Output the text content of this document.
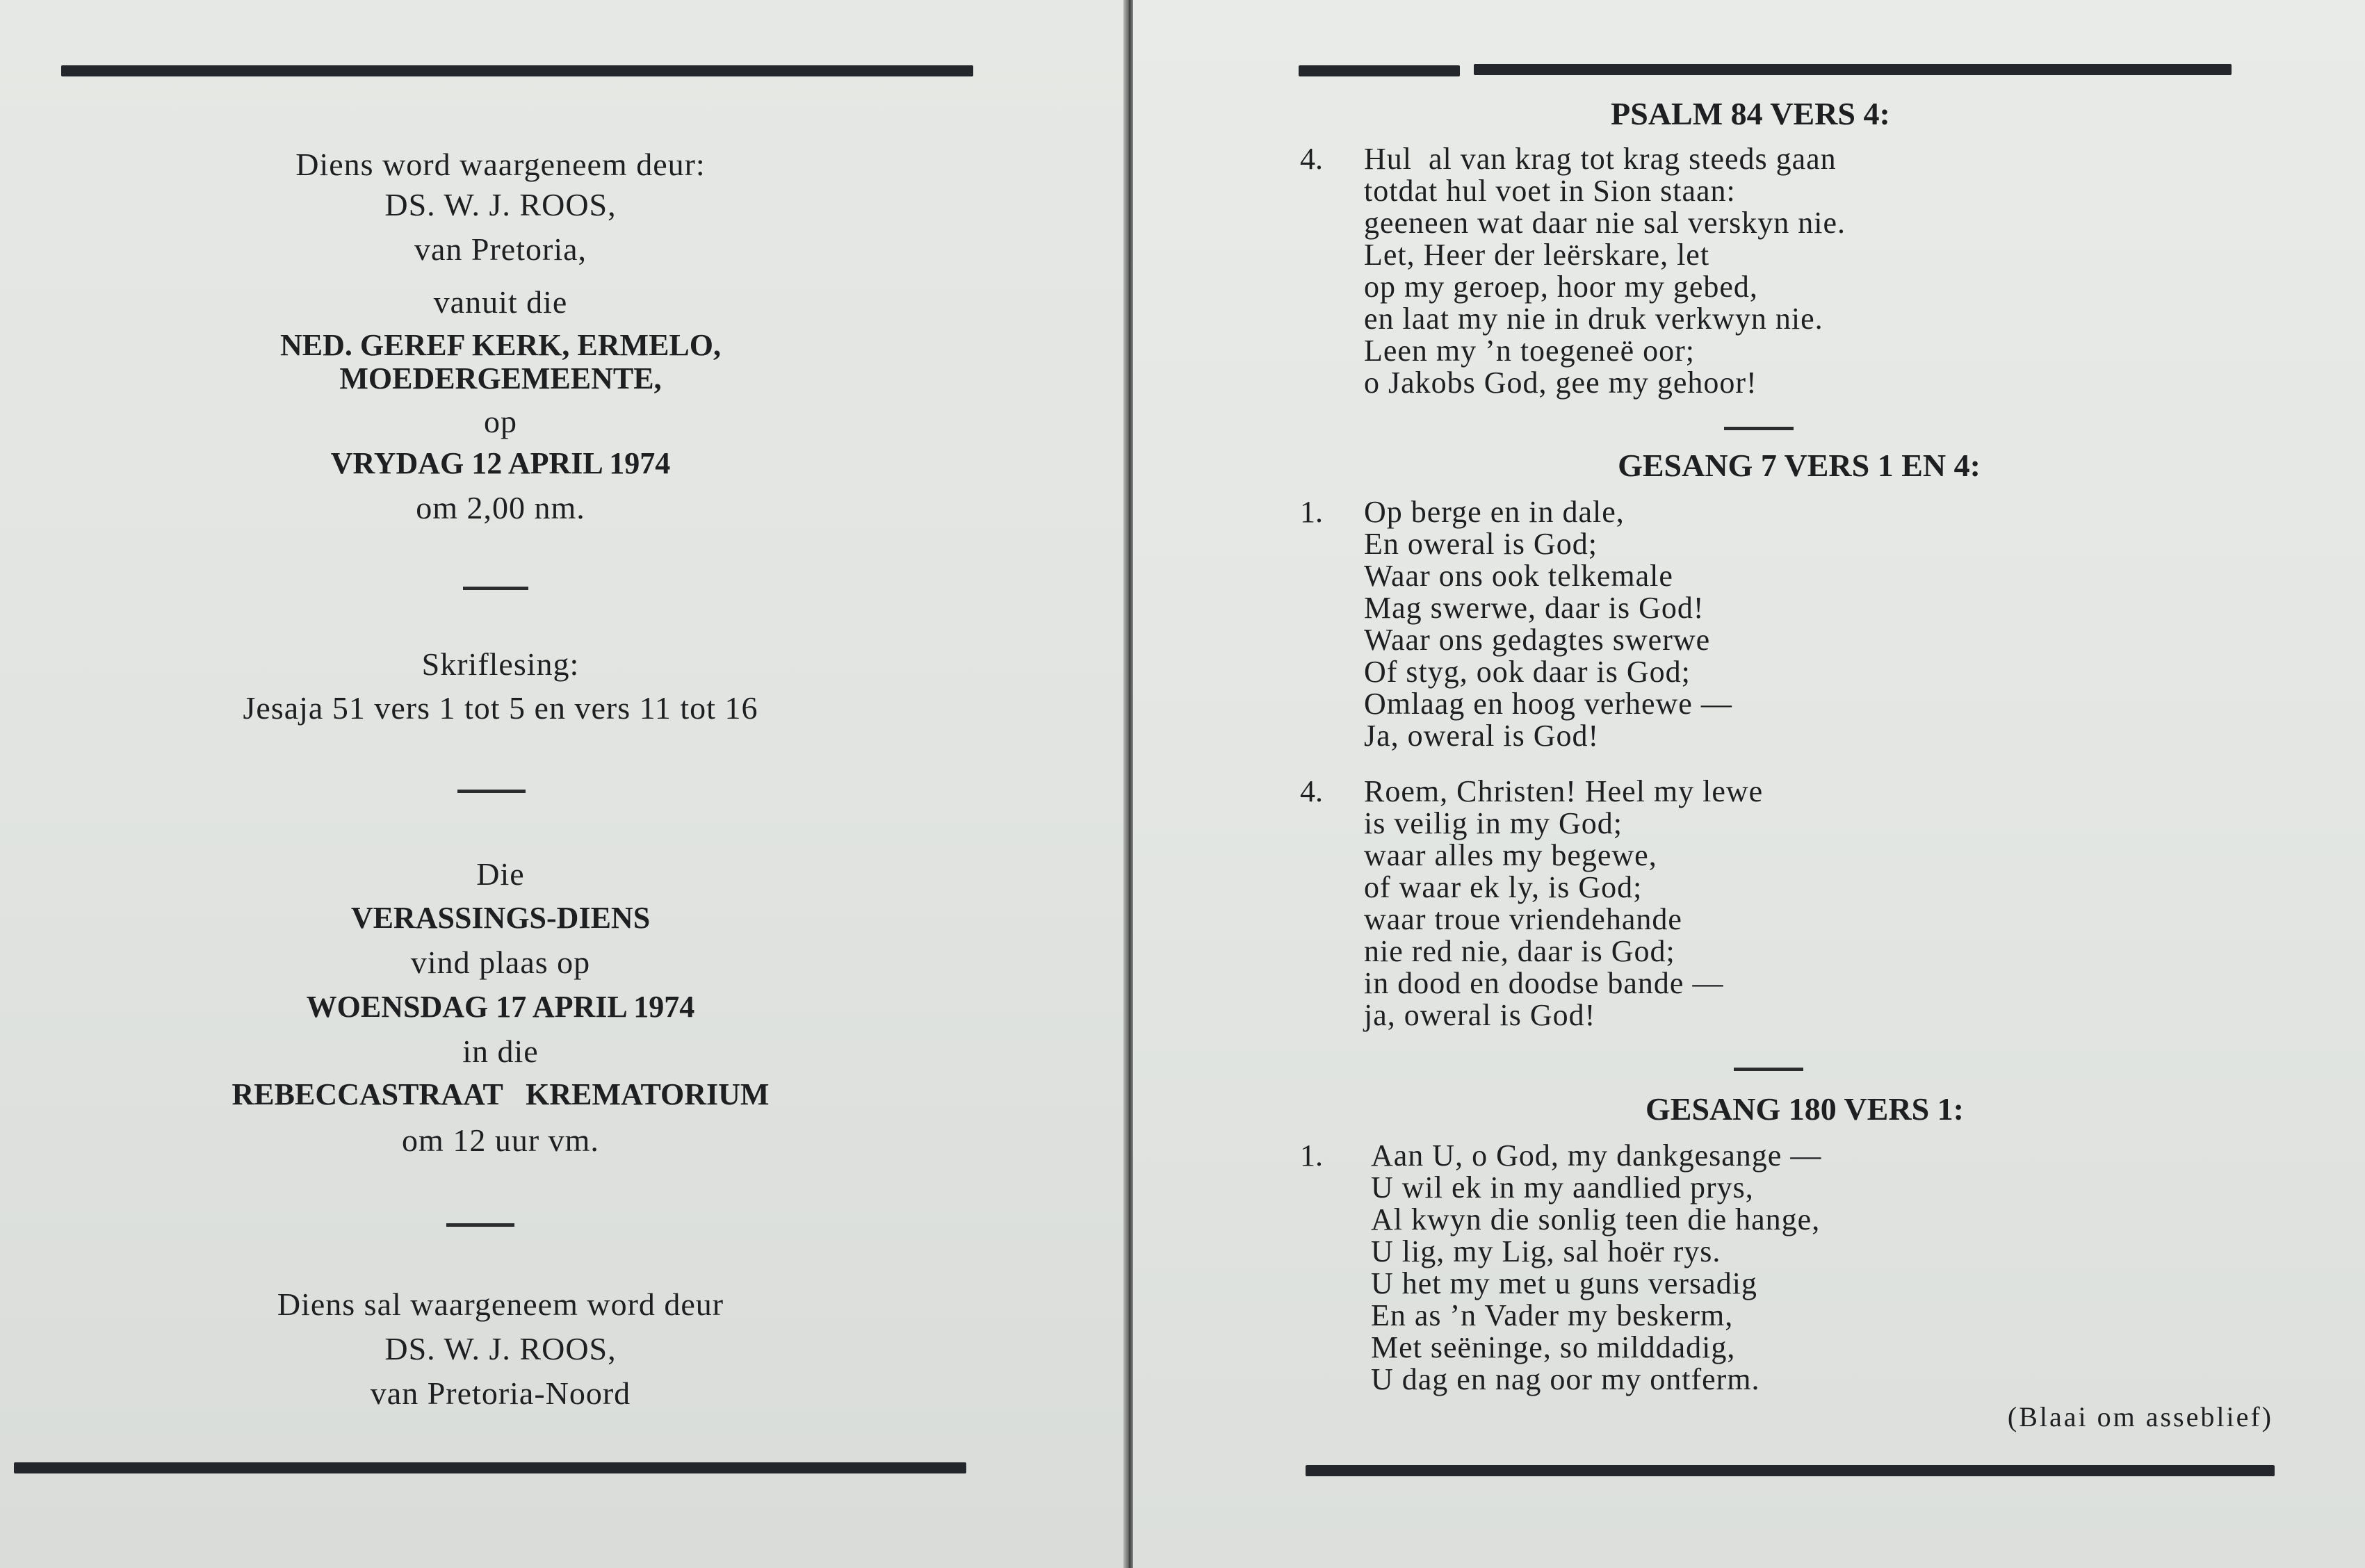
Diens word waargeneem deur:
DS. W. J. ROOS,
van Pretoria,
vanuit die
NED. GEREF KERK, ERMELO,
MOEDERGEMEENTE,
op
VRYDAG 12 APRIL 1974
om 2,00 nm.
Skriflesing:
Jesaja 51 vers 1 tot 5 en vers 11 tot 16
Die
VERASSINGS-DIENS
vind plaas op
WOENSDAG 17 APRIL 1974
in die
REBECCASTRAAT   KREMATORIUM
om 12 uur vm.
Diens sal waargeneem word deur
DS. W. J. ROOS,
van Pretoria-Noord
PSALM 84 VERS 4:
4. Hul  al van krag tot krag steeds gaan
totdat hul voet in Sion staan:
geeneen wat daar nie sal verskyn nie.
Let, Heer der leërskare, let
op my geroep, hoor my gebed,
en laat my nie in druk verkwyn nie.
Leen my ’n toegeneë oor;
o Jakobs God, gee my gehoor!
GESANG 7 VERS 1 EN 4:
1. Op berge en in dale,
En oweral is God;
Waar ons ook telkemale
Mag swerwe, daar is God!
Waar ons gedagtes swerwe
Of styg, ook daar is God;
Omlaag en hoog verhewe —
Ja, oweral is God!
4. Roem, Christen! Heel my lewe
is veilig in my God;
waar alles my begewe,
of waar ek ly, is God;
waar troue vriendehande
nie red nie, daar is God;
in dood en doodse bande —
ja, oweral is God!
GESANG 180 VERS 1:
1. Aan U, o God, my dankgesange —
U wil ek in my aandlied prys,
Al kwyn die sonlig teen die hange,
U lig, my Lig, sal hoër rys.
U het my met u guns versadig
En as ’n Vader my beskerm,
Met seëninge, so milddadig,
U dag en nag oor my ontferm.
(Blaai om asseblief)
